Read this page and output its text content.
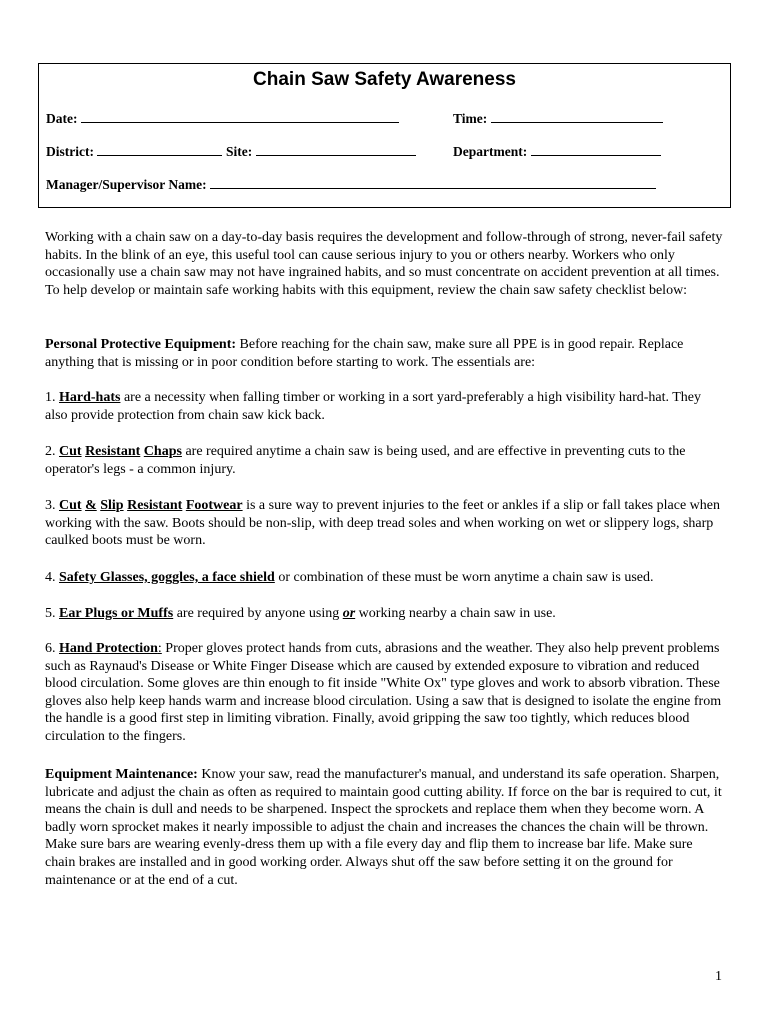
Chain Saw Safety Awareness
Date:	Time:
District:	Site:	Department:
Manager/Supervisor Name:

Working with a chain saw on a day-to-day basis requires the development and follow-through of strong, never-fail safety habits. In the blink of an eye, this useful tool can cause serious injury to you or others nearby. Workers who only occasionally use a chain saw may not have ingrained habits, and so must concentrate on accident prevention at all times. To help develop or maintain safe working habits with this equipment, review the chain saw safety checklist below:

Personal Protective Equipment: Before reaching for the chain saw, make sure all PPE is in good repair. Replace anything that is missing or in poor condition before starting to work. The essentials are:

1. Hard-hats are a necessity when falling timber or working in a sort yard-preferably a high visibility hard-hat. They also provide protection from chain saw kick back.

2. Cut Resistant Chaps are required anytime a chain saw is being used, and are effective in preventing cuts to the operator's legs - a common injury.

3. Cut & Slip Resistant Footwear is a sure way to prevent injuries to the feet or ankles if a slip or fall takes place when working with the saw. Boots should be non-slip, with deep tread soles and when working on wet or slippery logs, sharp caulked boots must be worn.

4. Safety Glasses, goggles, a face shield or combination of these must be worn anytime a chain saw is used.

5. Ear Plugs or Muffs are required by anyone using or working nearby a chain saw in use.

6. Hand Protection: Proper gloves protect hands from cuts, abrasions and the weather. They also help prevent problems such as Raynaud's Disease or White Finger Disease which are caused by extended exposure to vibration and reduced blood circulation. Some gloves are thin enough to fit inside "White Ox" type gloves and work to absorb vibration. These gloves also help keep hands warm and increase blood circulation. Using a saw that is designed to isolate the engine from the handle is a good first step in limiting vibration. Finally, avoid gripping the saw too tightly, which reduces blood circulation to the fingers.

Equipment Maintenance: Know your saw, read the manufacturer's manual, and understand its safe operation. Sharpen, lubricate and adjust the chain as often as required to maintain good cutting ability. If force on the bar is required to cut, it means the chain is dull and needs to be sharpened. Inspect the sprockets and replace them when they become worn. A badly worn sprocket makes it nearly impossible to adjust the chain and increases the chances the chain will be thrown. Make sure bars are wearing evenly-dress them up with a file every day and flip them to increase bar life. Make sure chain brakes are installed and in good working order. Always shut off the saw before setting it on the ground for maintenance or at the end of a cut.

1
